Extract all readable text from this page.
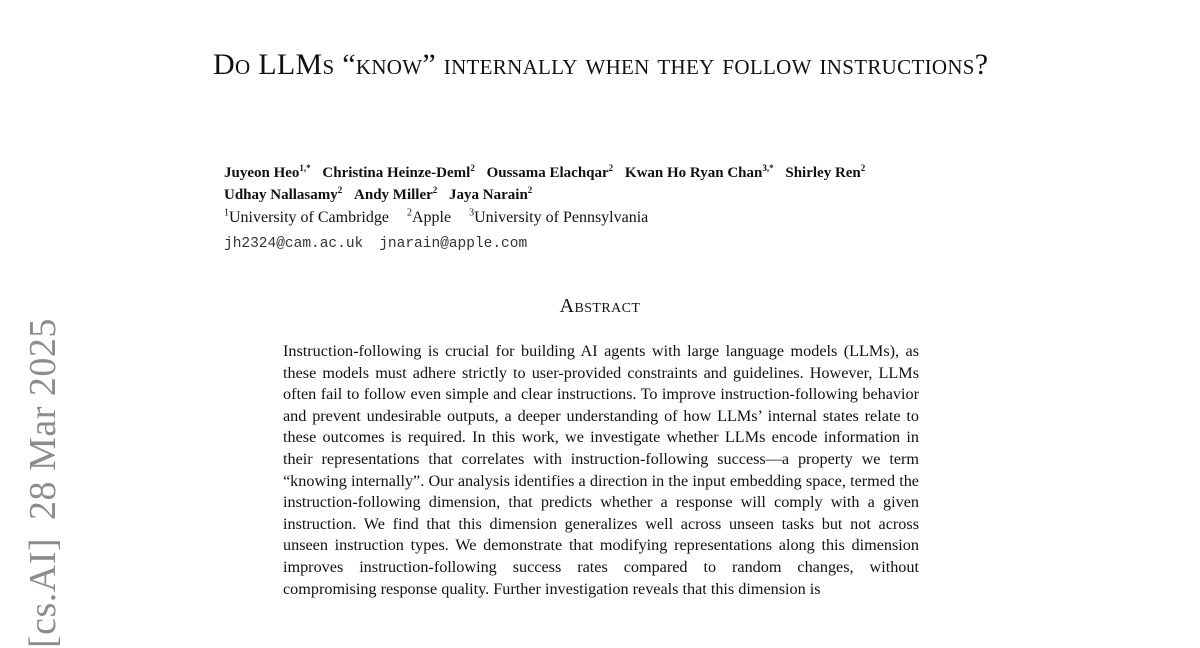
[cs.AI]28 Mar 2025
Do LLMs “know” internally when they follow instructions?
Juyeon Heo$^{1,*}$ Christina Heinze-Deml$^2$ Oussama Elachqar$^2$ Kwan Ho Ryan Chan$^{3,*}$ Shirley Ren$^2$
Udhay Nallasamy$^2$ Andy Miller$^2$ Jaya Narain$^2$
$^1$University of Cambridge $^2$Apple $^3$University of Pennsylvania
jh2324@cam.ac.uk jnarain@apple.com
Abstract

Instruction-following is crucial for building AI agents with large language models (LLMs), as these models must adhere strictly to user-provided constraints and guidelines. However, LLMs often fail to follow even simple and clear instructions. To improve instruction-following behavior and prevent undesirable outputs, a deeper understanding of how LLMs’ internal states relate to these outcomes is required. In this work, we investigate whether LLMs encode information in their representations that correlates with instruction-following success—a property we term “knowing internally”. Our analysis identifies a direction in the input embedding space, termed the instruction-following dimension, that predicts whether a response will comply with a given instruction. We find that this dimension generalizes well across unseen tasks but not across unseen instruction types. We demonstrate that modifying representations along this dimension improves instruction-following success rates compared to random changes, without compromising response quality. Further investigation reveals that this dimension is
